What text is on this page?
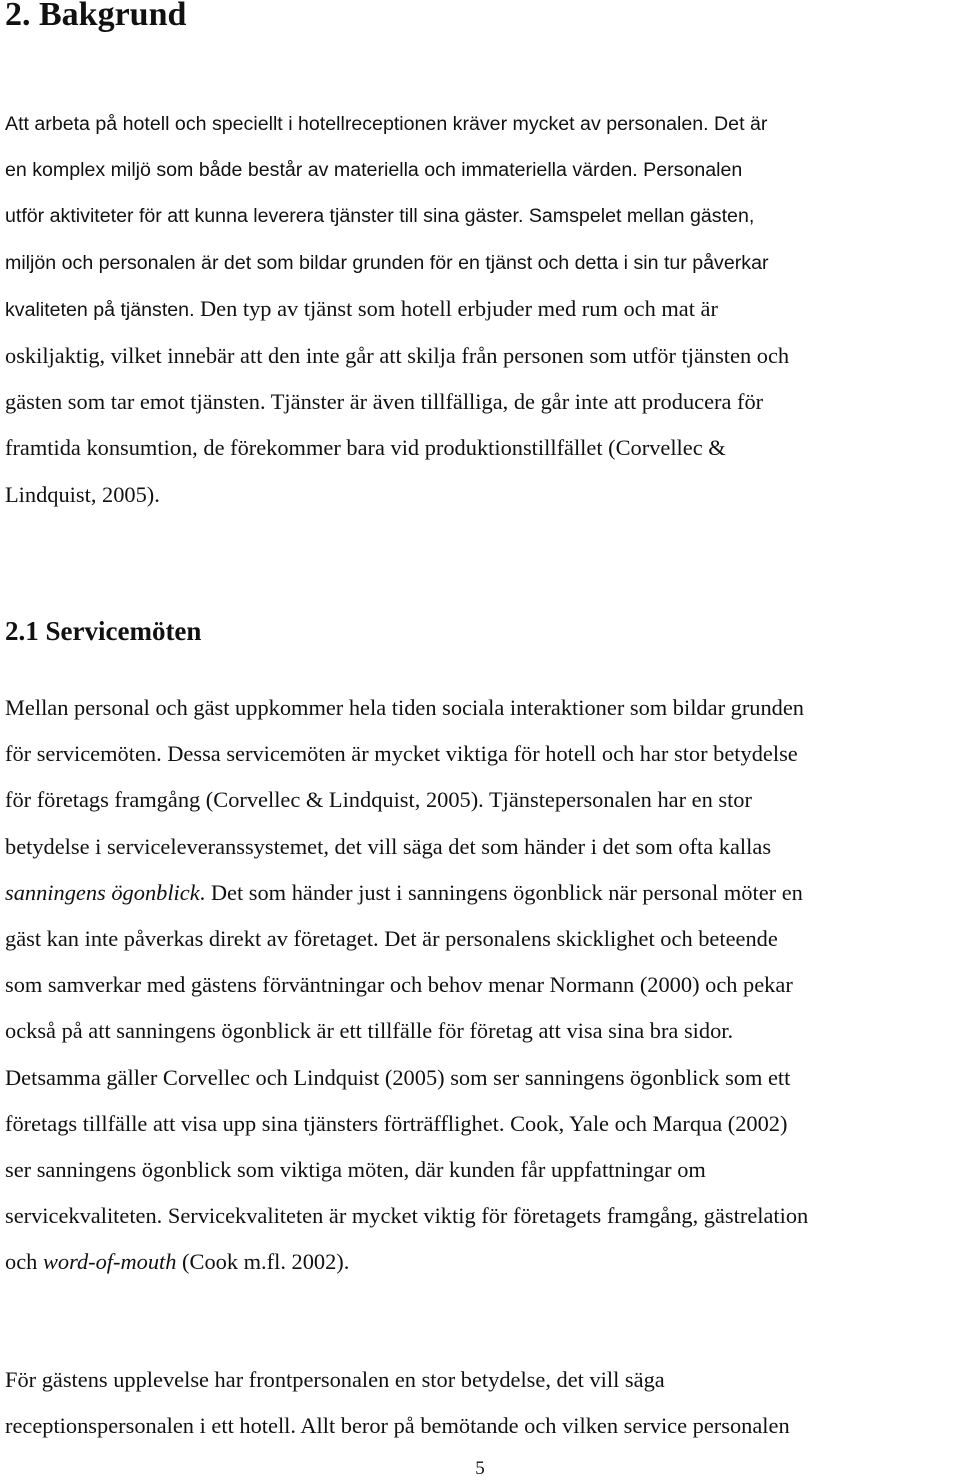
2. Bakgrund
Att arbeta på hotell och speciellt i hotellreceptionen kräver mycket av personalen. Det är
en komplex miljö som både består av materiella och immateriella värden. Personalen
utför aktiviteter för att kunna leverera tjänster till sina gäster. Samspelet mellan gästen,
miljön och personalen är det som bildar grunden för en tjänst och detta i sin tur påverkar
kvaliteten på tjänsten. Den typ av tjänst som hotell erbjuder med rum och mat är
oskiljaktig, vilket innebär att den inte går att skilja från personen som utför tjänsten och
gästen som tar emot tjänsten. Tjänster är även tillfälliga, de går inte att producera för
framtida konsumtion, de förekommer bara vid produktionstillfället (Corvellec &
Lindquist, 2005).
2.1 Servicemöten
Mellan personal och gäst uppkommer hela tiden sociala interaktioner som bildar grunden
för servicemöten. Dessa servicemöten är mycket viktiga för hotell och har stor betydelse
för företags framgång (Corvellec & Lindquist, 2005). Tjänstepersonalen har en stor
betydelse i serviceleveranssystemet, det vill säga det som händer i det som ofta kallas
sanningens ögonblick. Det som händer just i sanningens ögonblick när personal möter en
gäst kan inte påverkas direkt av företaget. Det är personalens skicklighet och beteende
som samverkar med gästens förväntningar och behov menar Normann (2000) och pekar
också på att sanningens ögonblick är ett tillfälle för företag att visa sina bra sidor.
Detsamma gäller Corvellec och Lindquist (2005) som ser sanningens ögonblick som ett
företags tillfälle att visa upp sina tjänsters förträfflighet. Cook, Yale och Marqua (2002)
ser sanningens ögonblick som viktiga möten, där kunden får uppfattningar om
servicekvaliteten. Servicekvaliteten är mycket viktig för företagets framgång, gästrelation
och word-of-mouth (Cook m.fl. 2002).
För gästens upplevelse har frontpersonalen en stor betydelse, det vill säga
receptionspersonalen i ett hotell. Allt beror på bemötande och vilken service personalen
5
